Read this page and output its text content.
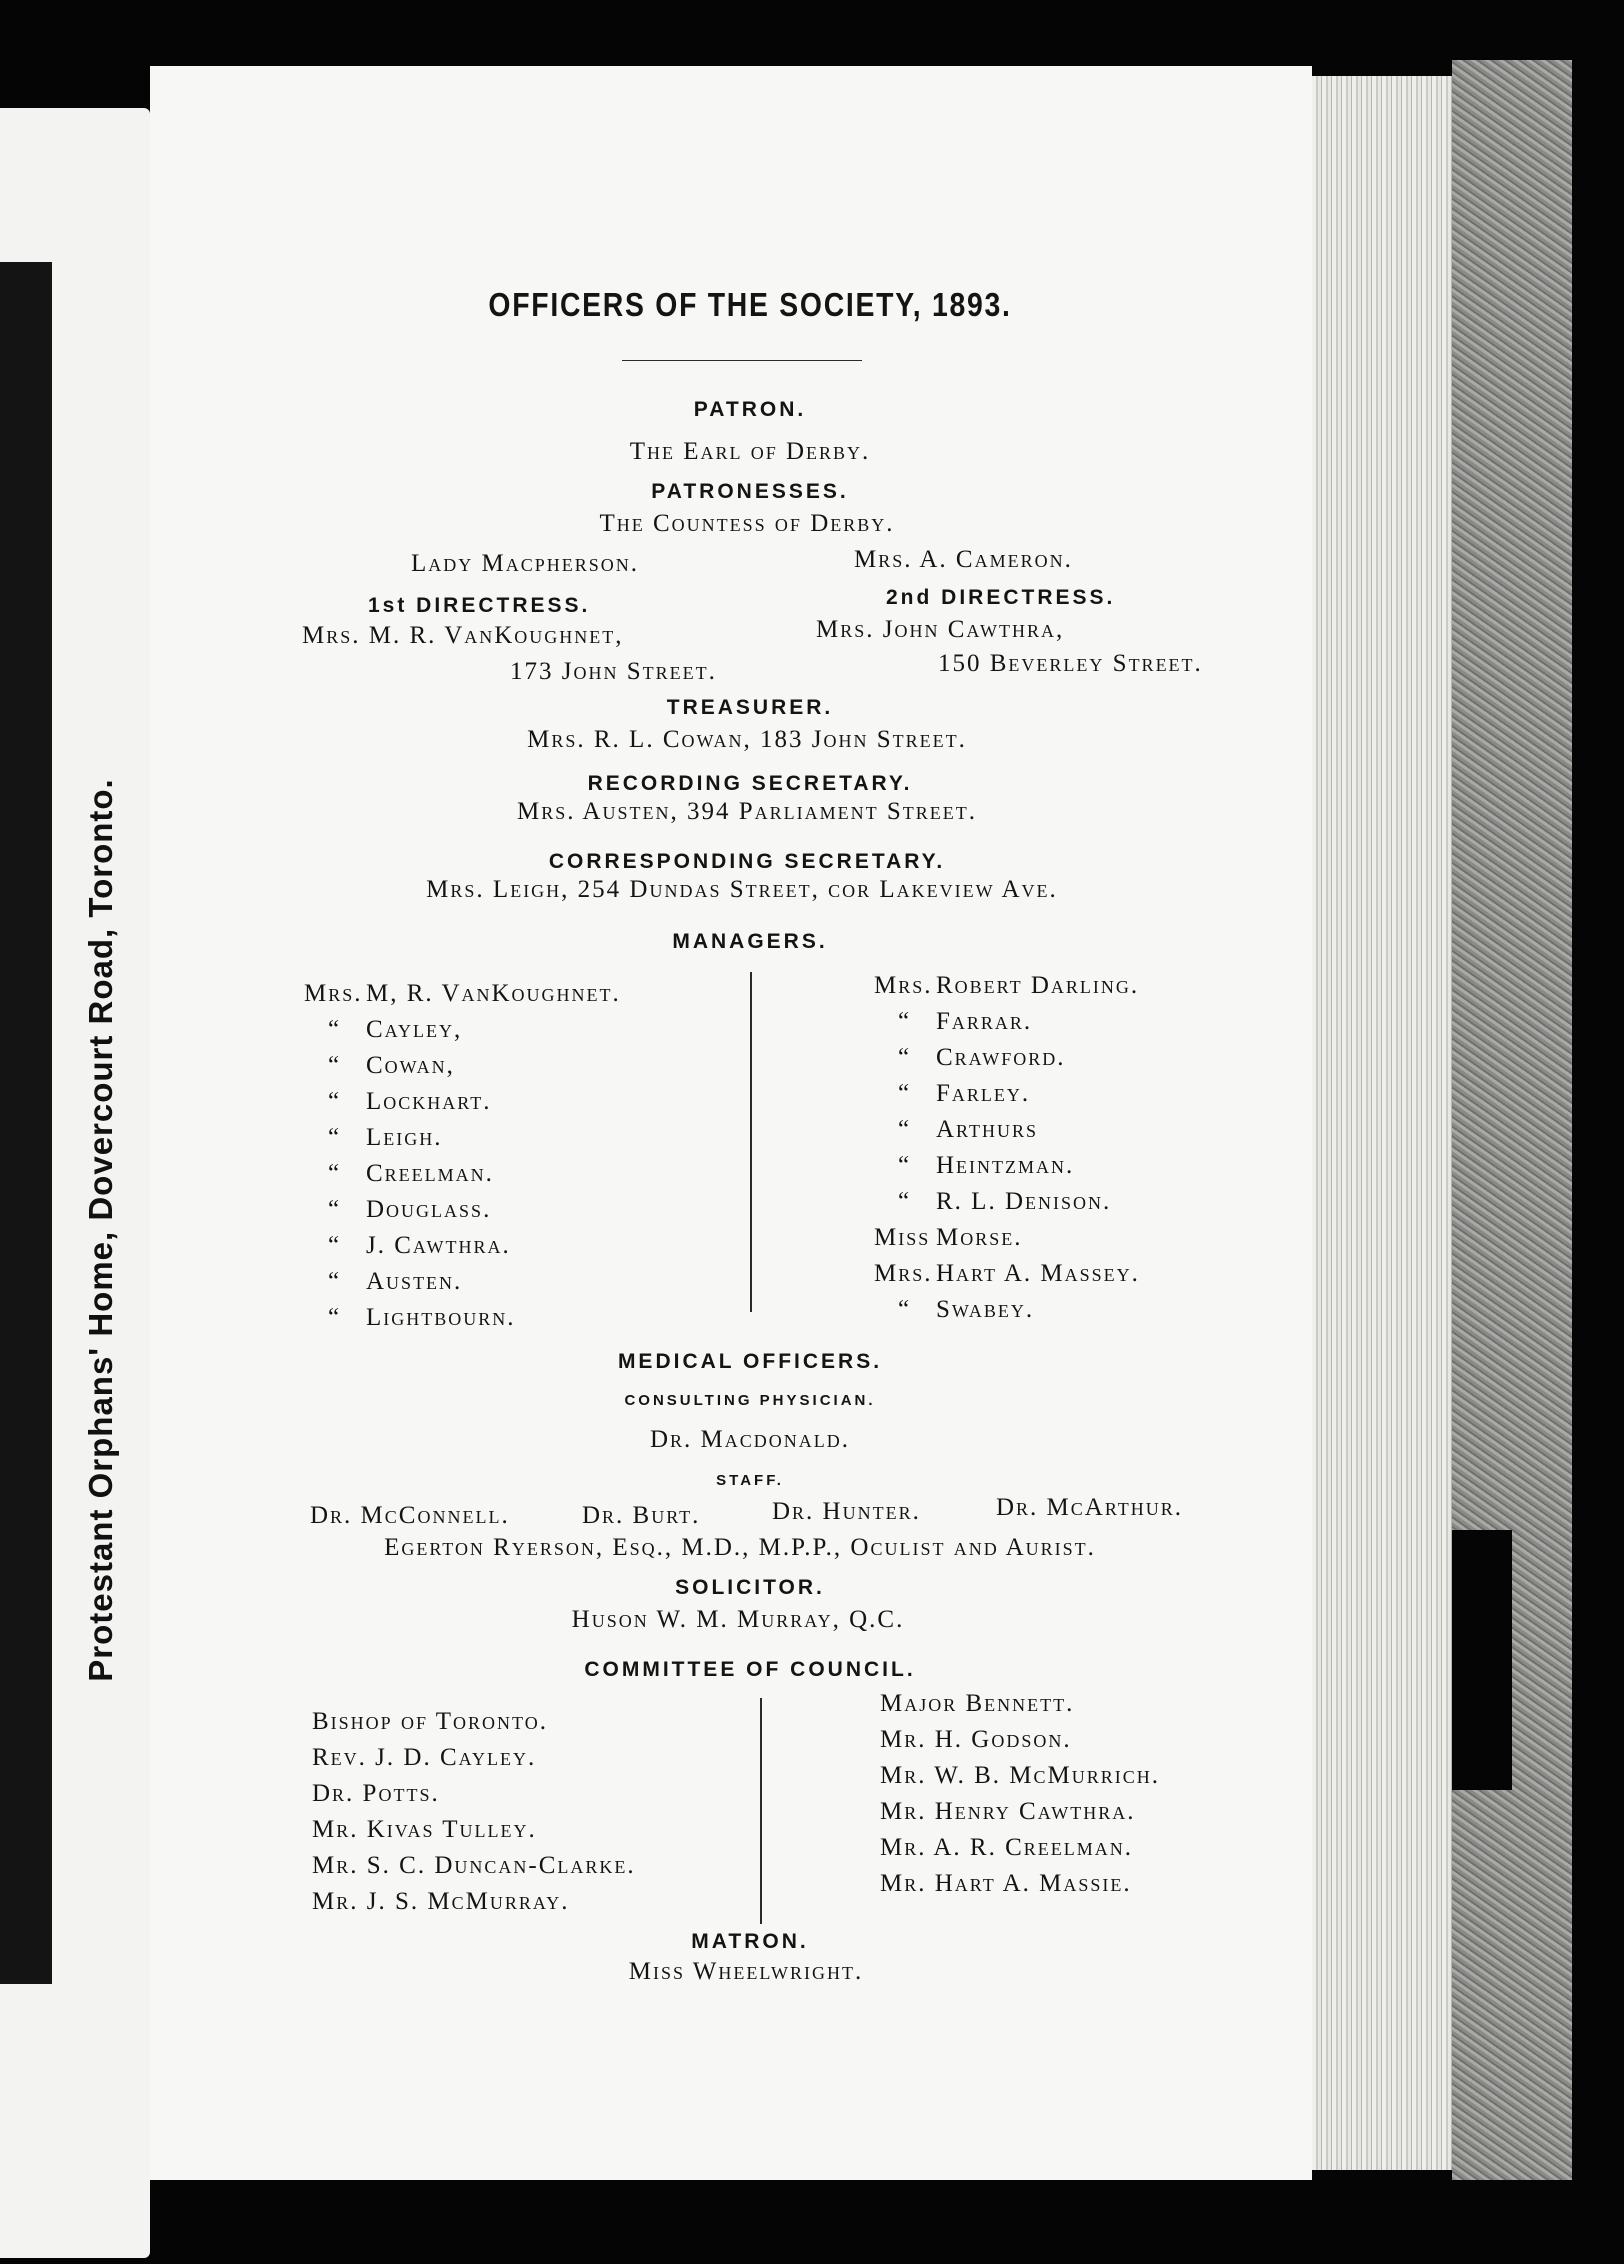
Protestant Orphans' Home, Dovercourt Road, Toronto.
OFFICERS OF THE SOCIETY, 1893.
PATRON.
The Earl of Derby.
PATRONESSES.
The Countess of Derby.
Lady Macpherson.	Mrs. A. Cameron.
1st DIRECTRESS.
Mrs. M. R. VanKoughnet,
173 John Street.
2nd DIRECTRESS.
Mrs. John Cawthra,
150 Beverley Street.
TREASURER.
Mrs. R. L. Cowan, 183 John Street.
RECORDING SECRETARY.
Mrs. Austen, 394 Parliament Street.
CORRESPONDING SECRETARY.
Mrs. Leigh, 254 Dundas Street, cor Lakeview Ave.
MANAGERS.
Mrs. M, R. VanKoughnet.
“ Cayley,
“ Cowan,
“ Lockhart.
“ Leigh.
“ Creelman.
“ Douglass.
“ J. Cawthra.
“ Austen.
“ Lightbourn.
Mrs. Robert Darling.
“ Farrar.
“ Crawford.
“ Farley.
“ Arthurs
“ Heintzman.
“ R. L. Denison.
Miss Morse.
Mrs. Hart A. Massey.
“ Swabey.
MEDICAL OFFICERS.
CONSULTING PHYSICIAN.
Dr. Macdonald.
STAFF.
Dr. McConnell.	Dr. Burt.	Dr. Hunter.	Dr. McArthur.
Egerton Ryerson, Esq., M.D., M.P.P., Oculist and Aurist.
SOLICITOR.
Huson W. M. Murray, Q.C.
COMMITTEE OF COUNCIL.
Bishop of Toronto.
Rev. J. D. Cayley.
Dr. Potts.
Mr. Kivas Tulley.
Mr. S. C. Duncan-Clarke.
Mr. J. S. McMurray.
Major Bennett.
Mr. H. Godson.
Mr. W. B. McMurrich.
Mr. Henry Cawthra.
Mr. A. R. Creelman.
Mr. Hart A. Massie.
MATRON.
Miss Wheelwright.
